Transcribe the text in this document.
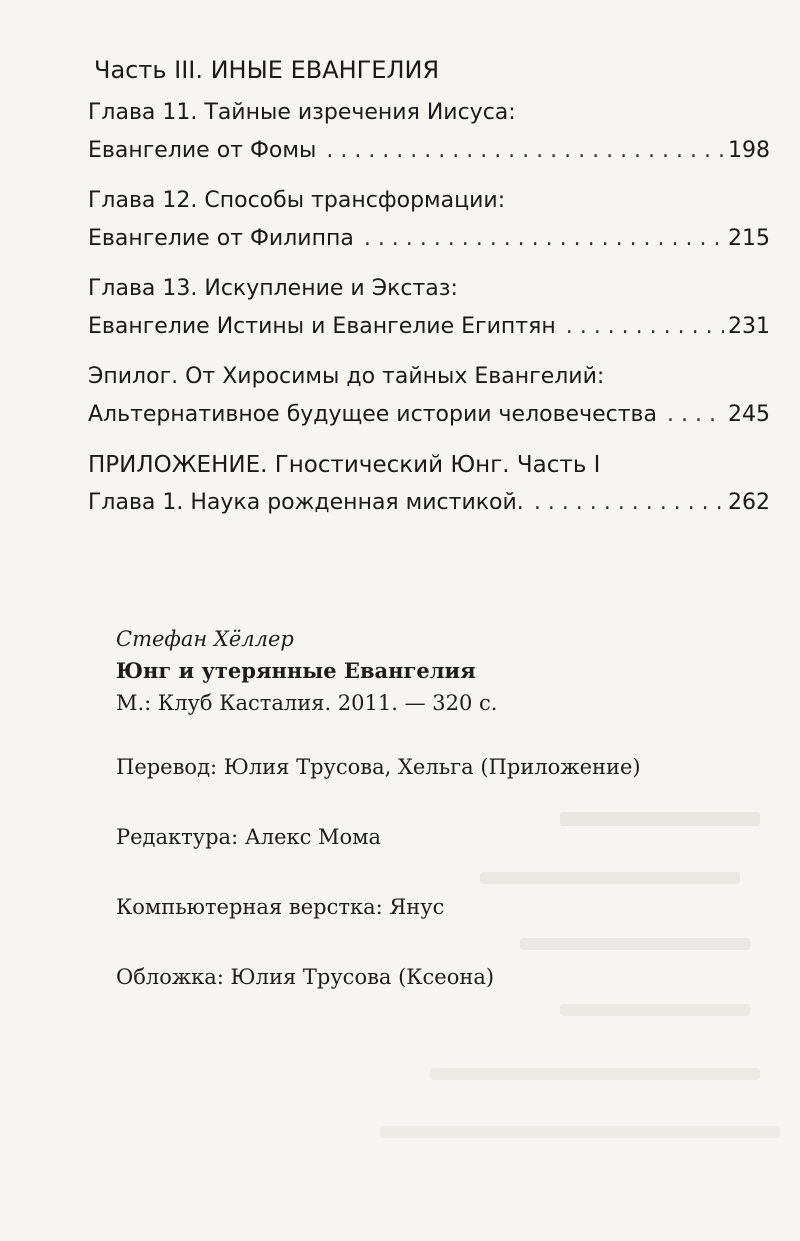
Часть III. ИНЫЕ ЕВАНГЕЛИЯ
Глава 11. Тайные изречения Иисуса:
Евангелие от Фомы . . .	198
Глава 12. Способы трансформации:
Евангелие от Филиппа . . .	215
Глава 13. Искупление и Экстаз:
Евангелие Истины и Евангелие Египтян . . .	231
Эпилог. От Хиросимы до тайных Евангелий:
Альтернативное будущее истории человечества . . .	245
ПРИЛОЖЕНИЕ. Гностический Юнг. Часть I
Глава 1. Наука рожденная мистикой. . . .	262
Стефан Хёллер
Юнг и утерянные Евангелия
М.: Клуб Касталия. 2011. — 320 с.
Перевод: Юлия Трусова, Хельга (Приложение)
Редактура: Алекс Мома
Компьютерная верстка: Янус
Обложка: Юлия Трусова (Ксеона)
